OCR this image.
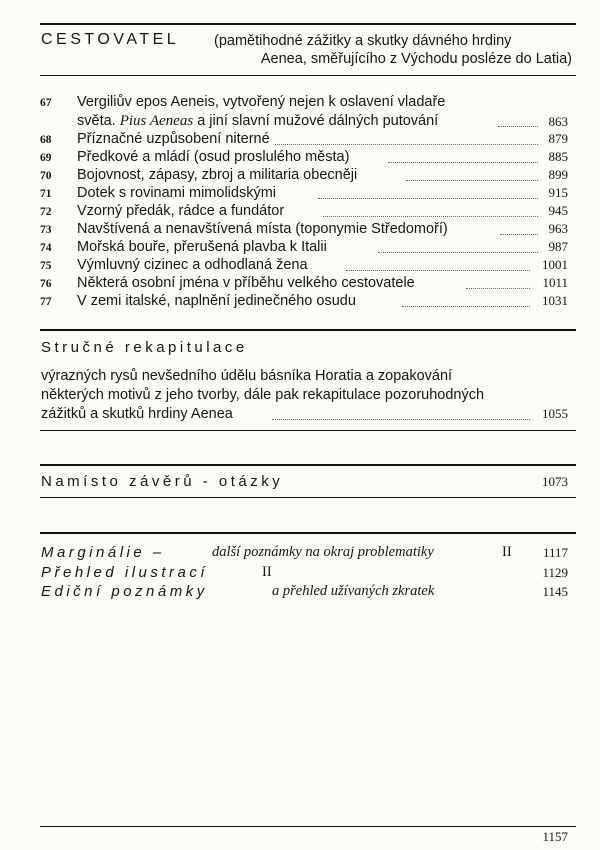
CESTOVATEL (pamětihodné zážitky a skutky dávného hrdiny
Aenea, směřujícího z Východu posléze do Latia)
67	Vergiliův epos Aeneis, vytvořený nejen k oslavení vladaře
světa. Pius Aeneas a jiní slavní mužové dálných putování	863
68	Příznačné uzpůsobení niterné	879
69	Předkové a mládí (osud proslulého města)	885
70	Bojovnost, zápasy, zbroj a militaria obecněji	899
71	Dotek s rovinami mimolidskými	915
72	Vzorný předák, rádce a fundátor	945
73	Navštívená a nenavštívená místa (toponymie Středomoří)	963
74	Mořská bouře, přerušená plavba k Italii	987
75	Výmluvný cizinec a odhodlaná žena	1001
76	Některá osobní jména v příběhu velkého cestovatele	1011
77	V zemi italské, naplnění jedinečného osudu	1031
Stručné rekapitulace
výrazných rysů nevšedního údělu básníka Horatia a zopakování
některých motivů z jeho tvorby, dále pak rekapitulace pozoruhodných
zážitků a skutků hrdiny Aenea	1055
Namísto závěrů - otázky	1073
Marginálie –	další poznámky na okraj problematiky	II 1117
Přehled ilustrací	II	1129
Ediční poznámky	a přehled užívaných zkratek	1145
1157
